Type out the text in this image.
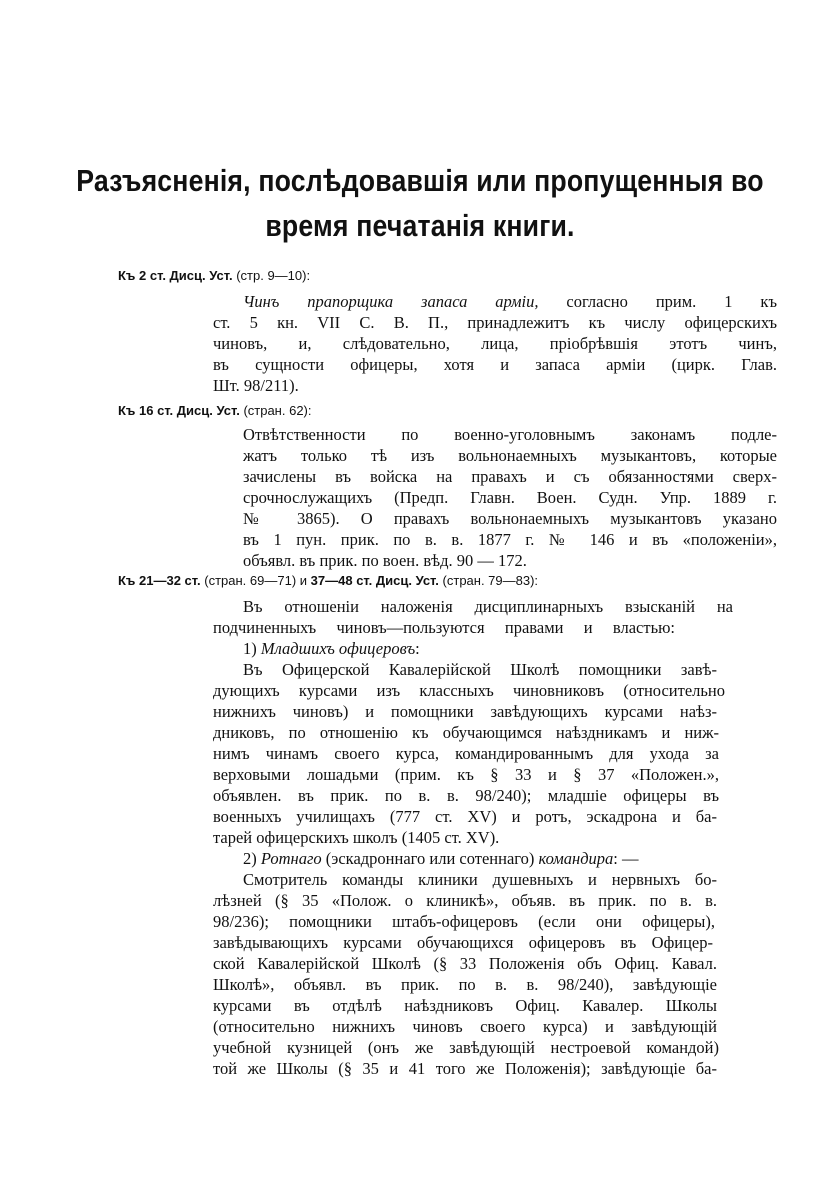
Разъясненія, послѣдовавшія или пропущенныя во
время печатанія книги.
Къ 2 ст. Дисц. Уст. (стр. 9—10):
Чинъ прапорщика запаса арміи, согласно прим. 1 къ
ст. 5 кн. VII С. В. П., принадлежитъ къ числу офицерскихъ
чиновъ, и, слѣдовательно, лица, пріобрѣвшія этотъ чинъ,
въ сущности офицеры, хотя и запаса арміи (цирк. Глав.
Шт. 98/211).
Къ 16 ст. Дисц. Уст. (стран. 62):
Отвѣтственности по военно-уголовнымъ законамъ подле-
жатъ только тѣ изъ вольнонаемныхъ музыкантовъ, которые
зачислены въ войска на правахъ и съ обязанностями сверх-
срочнослужащихъ (Предп. Главн. Воен. Судн. Упр. 1889 г.
№ 3865). О правахъ вольнонаемныхъ музыкантовъ указано
въ 1 пун. прик. по в. в. 1877 г. № 146 и въ «положеніи»,
объявл. въ прик. по воен. вѣд. 90 — 172.
Къ 21—32 ст. (стран. 69—71) и 37—48 ст. Дисц. Уст. (стран. 79—83):
Въ отношеніи наложенія дисциплинарныхъ взысканій на
подчиненныхъ чиновъ—пользуются правами и властью:
1) Младшихъ офицеровъ:
Въ Офицерской Кавалерійской Школѣ помощники завѣ-
дующихъ курсами изъ классныхъ чиновниковъ (относительно
нижнихъ чиновъ) и помощники завѣдующихъ курсами наѣз-
дниковъ, по отношенію къ обучающимся наѣздникамъ и ниж-
нимъ чинамъ своего курса, командированнымъ для ухода за
верховыми лошадьми (прим. къ § 33 и § 37 «Положен.»,
объявлен. въ прик. по в. в. 98/240); младшіе офицеры въ
военныхъ училищахъ (777 ст. XV) и ротъ, эскадрона и ба-
тарей офицерскихъ школъ (1405 ст. XV).
2) Ротнаго (эскадроннаго или сотеннаго) командира: —
Смотритель команды клиники душевныхъ и нервныхъ бо-
лѣзней (§ 35 «Полож. о клиникѣ», объяв. въ прик. по в. в.
98/236); помощники штабъ-офицеровъ (если они офицеры),
завѣдывающихъ курсами обучающихся офицеровъ въ Офицер-
ской Кавалерійской Школѣ (§ 33 Положенія объ Офиц. Кавал.
Школѣ», объявл. въ прик. по в. в. 98/240), завѣдующіе
курсами въ отдѣлѣ наѣздниковъ Офиц. Кавалер. Школы
(относительно нижнихъ чиновъ своего курса) и завѣдующій
учебной кузницей (онъ же завѣдующій нестроевой командой)
той же Школы (§ 35 и 41 того же Положенія); завѣдующіе ба-
